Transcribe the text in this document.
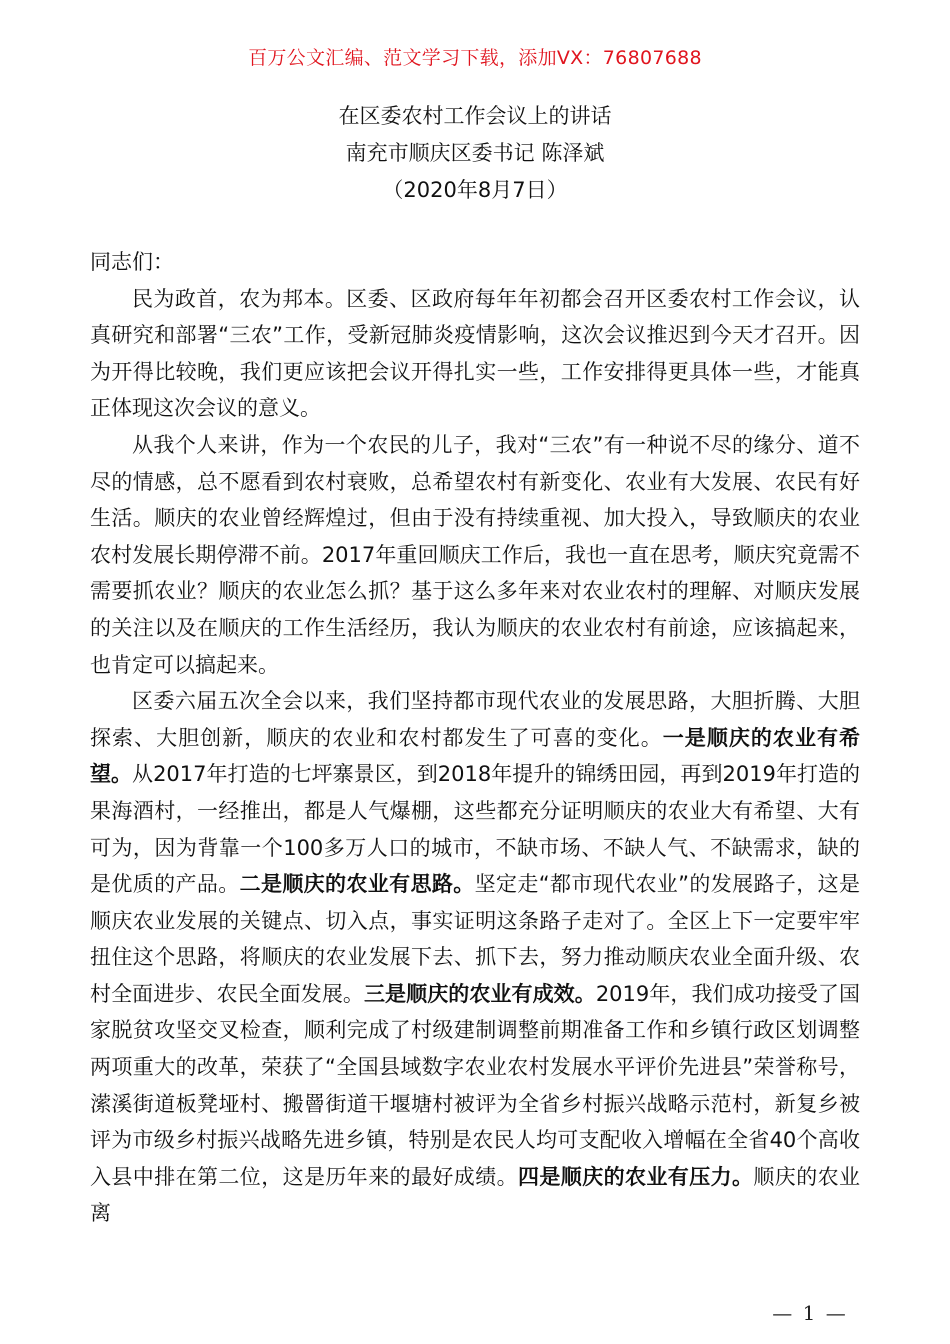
百万公文汇编、范文学习下载，添加VX：76807688
在区委农村工作会议上的讲话
南充市顺庆区委书记 陈泽斌
（2020年8月7日）

同志们：

民为政首，农为邦本。区委、区政府每年年初都会召开区委农村工作会议，认真研究和部署“三农”工作，受新冠肺炎疫情影响，这次会议推迟到今天才召开。因为开得比较晚，我们更应该把会议开得扎实一些，工作安排得更具体一些，才能真正体现这次会议的意义。

从我个人来讲，作为一个农民的儿子，我对“三农”有一种说不尽的缘分、道不尽的情感，总不愿看到农村衰败，总希望农村有新变化、农业有大发展、农民有好生活。顺庆的农业曾经辉煌过，但由于没有持续重视、加大投入，导致顺庆的农业农村发展长期停滞不前。2017年重回顺庆工作后，我也一直在思考，顺庆究竟需不需要抓农业？顺庆的农业怎么抓？基于这么多年来对农业农村的理解、对顺庆发展的关注以及在顺庆的工作生活经历，我认为顺庆的农业农村有前途，应该搞起来，也肯定可以搞起来。

区委六届五次全会以来，我们坚持都市现代农业的发展思路，大胆折腾、大胆探索、大胆创新，顺庆的农业和农村都发生了可喜的变化。一是顺庆的农业有希望。从2017年打造的七坪寨景区，到2018年提升的锦绣田园，再到2019年打造的果海酒村，一经推出，都是人气爆棚，这些都充分证明顺庆的农业大有希望、大有可为，因为背靠一个100多万人口的城市，不缺市场、不缺人气、不缺需求，缺的是优质的产品。二是顺庆的农业有思路。坚定走“都市现代农业”的发展路子，这是顺庆农业发展的关键点、切入点，事实证明这条路子走对了。全区上下一定要牢牢扭住这个思路，将顺庆的农业发展下去、抓下去，努力推动顺庆农业全面升级、农村全面进步、农民全面发展。三是顺庆的农业有成效。2019年，我们成功接受了国家脱贫攻坚交叉检查，顺利完成了村级建制调整前期准备工作和乡镇行政区划调整两项重大的改革，荣获了“全国县域数字农业农村发展水平评价先进县”荣誉称号，潆溪街道板凳垭村、搬罾街道干堰塘村被评为全省乡村振兴战略示范村，新复乡被评为市级乡村振兴战略先进乡镇，特别是农民人均可支配收入增幅在全省40个高收入县中排在第二位，这是历年来的最好成绩。四是顺庆的农业有压力。顺庆的农业离

— 1 —
